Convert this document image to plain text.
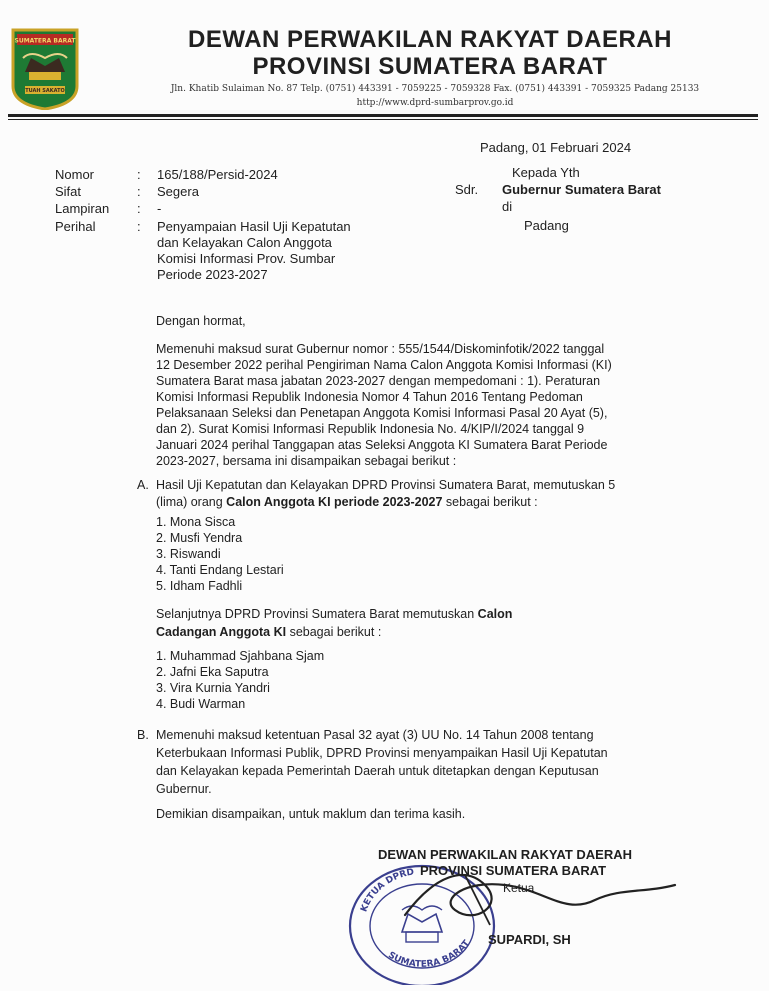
SUMATERA BARAT
TUAH SAKATO
DEWAN PERWAKILAN RAKYAT DAERAH
PROVINSI SUMATERA BARAT
Jln. Khatib Sulaiman No. 87 Telp. (0751) 443391 - 7059225 - 7059328 Fax. (0751) 443391 - 7059325 Padang 25133
http://www.dprd-sumbarprov.go.id
Padang, 01 Februari 2024
Nomor	: 165/188/Persid-2024
Sifat	: Segera
Lampiran : -
Perihal	: Penyampaian Hasil Uji Kepatutan
dan Kelayakan Calon Anggota
Komisi Informasi Prov. Sumbar
Periode 2023-2027
Kepada Yth
Sdr. Gubernur Sumatera Barat
di
Padang
Dengan hormat,
Memenuhi maksud surat Gubernur nomor : 555/1544/Diskominfotik/2022 tanggal
12 Desember 2022 perihal Pengiriman Nama Calon Anggota Komisi Informasi (KI)
Sumatera Barat masa jabatan 2023-2027 dengan mempedomani : 1). Peraturan
Komisi Informasi Republik Indonesia Nomor 4 Tahun 2016 Tentang Pedoman
Pelaksanaan Seleksi dan Penetapan Anggota Komisi Informasi Pasal 20 Ayat (5),
dan 2). Surat Komisi Informasi Republik Indonesia No. 4/KIP/I/2024 tanggal 9
Januari 2024 perihal Tanggapan atas Seleksi Anggota KI Sumatera Barat Periode
2023-2027, bersama ini disampaikan sebagai berikut :
A. Hasil Uji Kepatutan dan Kelayakan DPRD Provinsi Sumatera Barat, memutuskan 5
(lima) orang Calon Anggota KI periode 2023-2027 sebagai berikut :
1. Mona Sisca
2. Musfi Yendra
3. Riswandi
4. Tanti Endang Lestari
5. Idham Fadhli
Selanjutnya DPRD Provinsi Sumatera Barat memutuskan Calon
Cadangan Anggota KI sebagai berikut :
1. Muhammad Sjahbana Sjam
2. Jafni Eka Saputra
3. Vira Kurnia Yandri
4. Budi Warman
B. Memenuhi maksud ketentuan Pasal 32 ayat (3) UU No. 14 Tahun 2008 tentang
Keterbukaan Informasi Publik, DPRD Provinsi menyampaikan Hasil Uji Kepatutan
dan Kelayakan kepada Pemerintah Daerah untuk ditetapkan dengan Keputusan
Gubernur.
Demikian disampaikan, untuk maklum dan terima kasih.
KETUA DPRD
SUMATERA BARAT
DEWAN PERWAKILAN RAKYAT DAERAH
PROVINSI SUMATERA BARAT
Ketua
SUPARDI, SH
